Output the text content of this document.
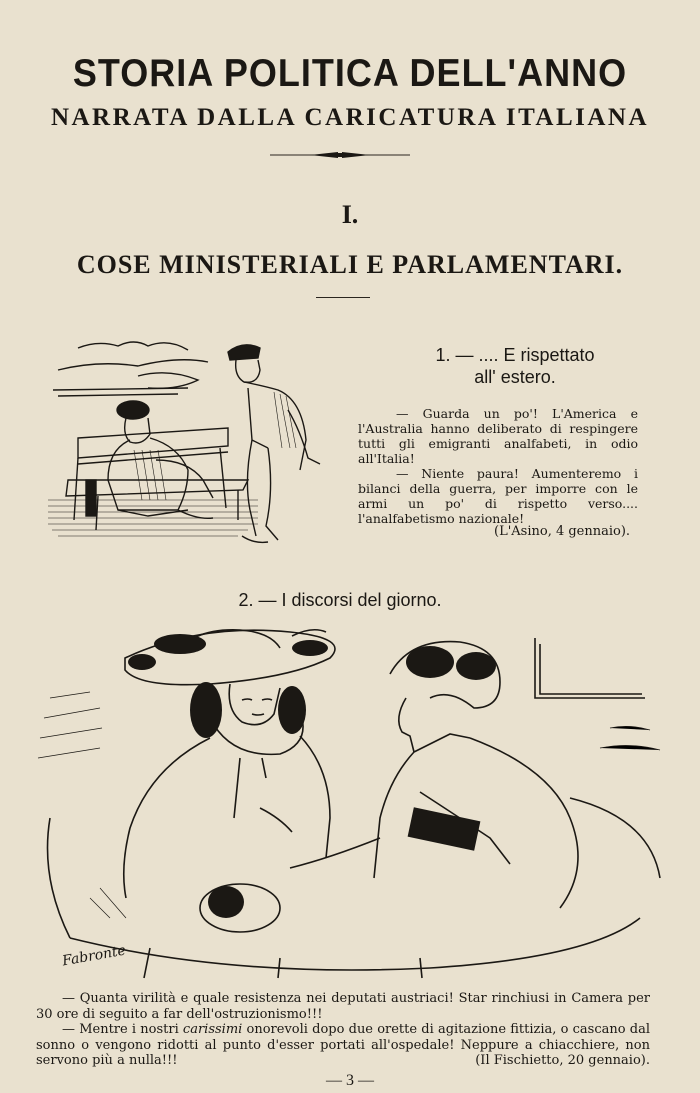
STORIA POLITICA DELL'ANNO
NARRATA DALLA CARICATURA ITALIANA
I.
COSE MINISTERIALI E PARLAMENTARI.
1. — .... E rispettato
all' estero.

— Guarda un po'! L'America e l'Australia hanno deliberato di respingere tutti gli emigranti analfabeti, in odio all'Italia!

— Niente paura! Aumenteremo i bilanci della guerra, per imporre con le armi un po' di rispetto verso.... l'analfabetismo nazionale!

(L'Asino, 4 gennaio).
2. — I discorsi del giorno.
Fabronte

— Quanta virilità e quale resistenza nei deputati austriaci! Star rinchiusi in Camera per 30 ore di seguito a far dell'ostruzionismo!!!

— Mentre i nostri carissimi onorevoli dopo due orette di agitazione fittizia, o cascano dal sonno o vengono ridotti al punto d'esser portati all'ospedale! Neppure a chiacchiere, non servono più a nulla!!!	(Il Fischietto, 20 gennaio).

— 3 —
